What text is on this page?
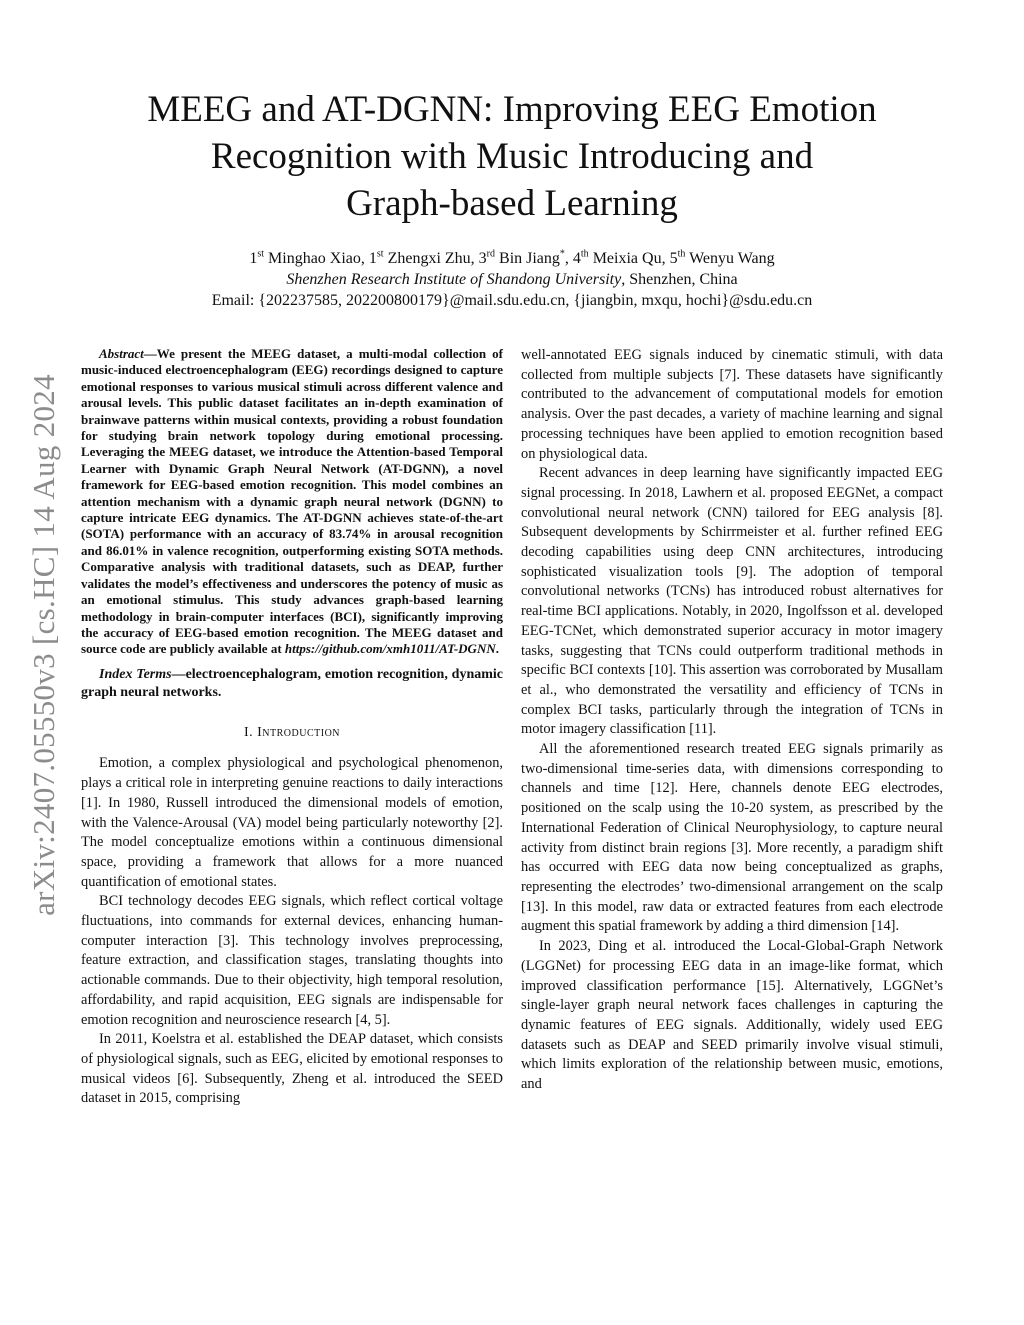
arXiv:2407.05550v3 [cs.HC] 14 Aug 2024
MEEG and AT-DGNN: Improving EEG Emotion
Recognition with Music Introducing and
Graph-based Learning
1st Minghao Xiao, 1st Zhengxi Zhu, 3rd Bin Jiang*, 4th Meixia Qu, 5th Wenyu Wang
Shenzhen Research Institute of Shandong University, Shenzhen, China
Email: {202237585, 202200800179}@mail.sdu.edu.cn, {jiangbin, mxqu, hochi}@sdu.edu.cn

Abstract—We present the MEEG dataset, a multi-modal collection of music-induced electroencephalogram (EEG) recordings designed to capture emotional responses to various musical stimuli across different valence and arousal levels. This public dataset facilitates an in-depth examination of brainwave patterns within musical contexts, providing a robust foundation for studying brain network topology during emotional processing. Leveraging the MEEG dataset, we introduce the Attention-based Temporal Learner with Dynamic Graph Neural Network (AT-DGNN), a novel framework for EEG-based emotion recognition. This model combines an attention mechanism with a dynamic graph neural network (DGNN) to capture intricate EEG dynamics. The AT-DGNN achieves state-of-the-art (SOTA) performance with an accuracy of 83.74% in arousal recognition and 86.01% in valence recognition, outperforming existing SOTA methods. Comparative analysis with traditional datasets, such as DEAP, further validates the model’s effectiveness and underscores the potency of music as an emotional stimulus. This study advances graph-based learning methodology in brain-computer interfaces (BCI), significantly improving the accuracy of EEG-based emotion recognition. The MEEG dataset and source code are publicly available at https://github.com/xmh1011/AT-DGNN.

Index Terms—electroencephalogram, emotion recognition, dynamic graph neural networks.

I. Introduction

Emotion, a complex physiological and psychological phenomenon, plays a critical role in interpreting genuine reactions to daily interactions [1]. In 1980, Russell introduced the dimensional models of emotion, with the Valence-Arousal (VA) model being particularly noteworthy [2]. The model conceptualize emotions within a continuous dimensional space, providing a framework that allows for a more nuanced quantification of emotional states.

BCI technology decodes EEG signals, which reflect cortical voltage fluctuations, into commands for external devices, enhancing human-computer interaction [3]. This technology involves preprocessing, feature extraction, and classification stages, translating thoughts into actionable commands. Due to their objectivity, high temporal resolution, affordability, and rapid acquisition, EEG signals are indispensable for emotion recognition and neuroscience research [4, 5].

In 2011, Koelstra et al. established the DEAP dataset, which consists of physiological signals, such as EEG, elicited by emotional responses to musical videos [6]. Subsequently, Zheng et al. introduced the SEED dataset in 2015, comprising

well-annotated EEG signals induced by cinematic stimuli, with data collected from multiple subjects [7]. These datasets have significantly contributed to the advancement of computational models for emotion analysis. Over the past decades, a variety of machine learning and signal processing techniques have been applied to emotion recognition based on physiological data.

Recent advances in deep learning have significantly impacted EEG signal processing. In 2018, Lawhern et al. proposed EEGNet, a compact convolutional neural network (CNN) tailored for EEG analysis [8]. Subsequent developments by Schirrmeister et al. further refined EEG decoding capabilities using deep CNN architectures, introducing sophisticated visualization tools [9]. The adoption of temporal convolutional networks (TCNs) has introduced robust alternatives for real-time BCI applications. Notably, in 2020, Ingolfsson et al. developed EEG-TCNet, which demonstrated superior accuracy in motor imagery tasks, suggesting that TCNs could outperform traditional methods in specific BCI contexts [10]. This assertion was corroborated by Musallam et al., who demonstrated the versatility and efficiency of TCNs in complex BCI tasks, particularly through the integration of TCNs in motor imagery classification [11].

All the aforementioned research treated EEG signals primarily as two-dimensional time-series data, with dimensions corresponding to channels and time [12]. Here, channels denote EEG electrodes, positioned on the scalp using the 10-20 system, as prescribed by the International Federation of Clinical Neurophysiology, to capture neural activity from distinct brain regions [3]. More recently, a paradigm shift has occurred with EEG data now being conceptualized as graphs, representing the electrodes’ two-dimensional arrangement on the scalp [13]. In this model, raw data or extracted features from each electrode augment this spatial framework by adding a third dimension [14].

In 2023, Ding et al. introduced the Local-Global-Graph Network (LGGNet) for processing EEG data in an image-like format, which improved classification performance [15]. Alternatively, LGGNet’s single-layer graph neural network faces challenges in capturing the dynamic features of EEG signals. Additionally, widely used EEG datasets such as DEAP and SEED primarily involve visual stimuli, which limits exploration of the relationship between music, emotions, and
